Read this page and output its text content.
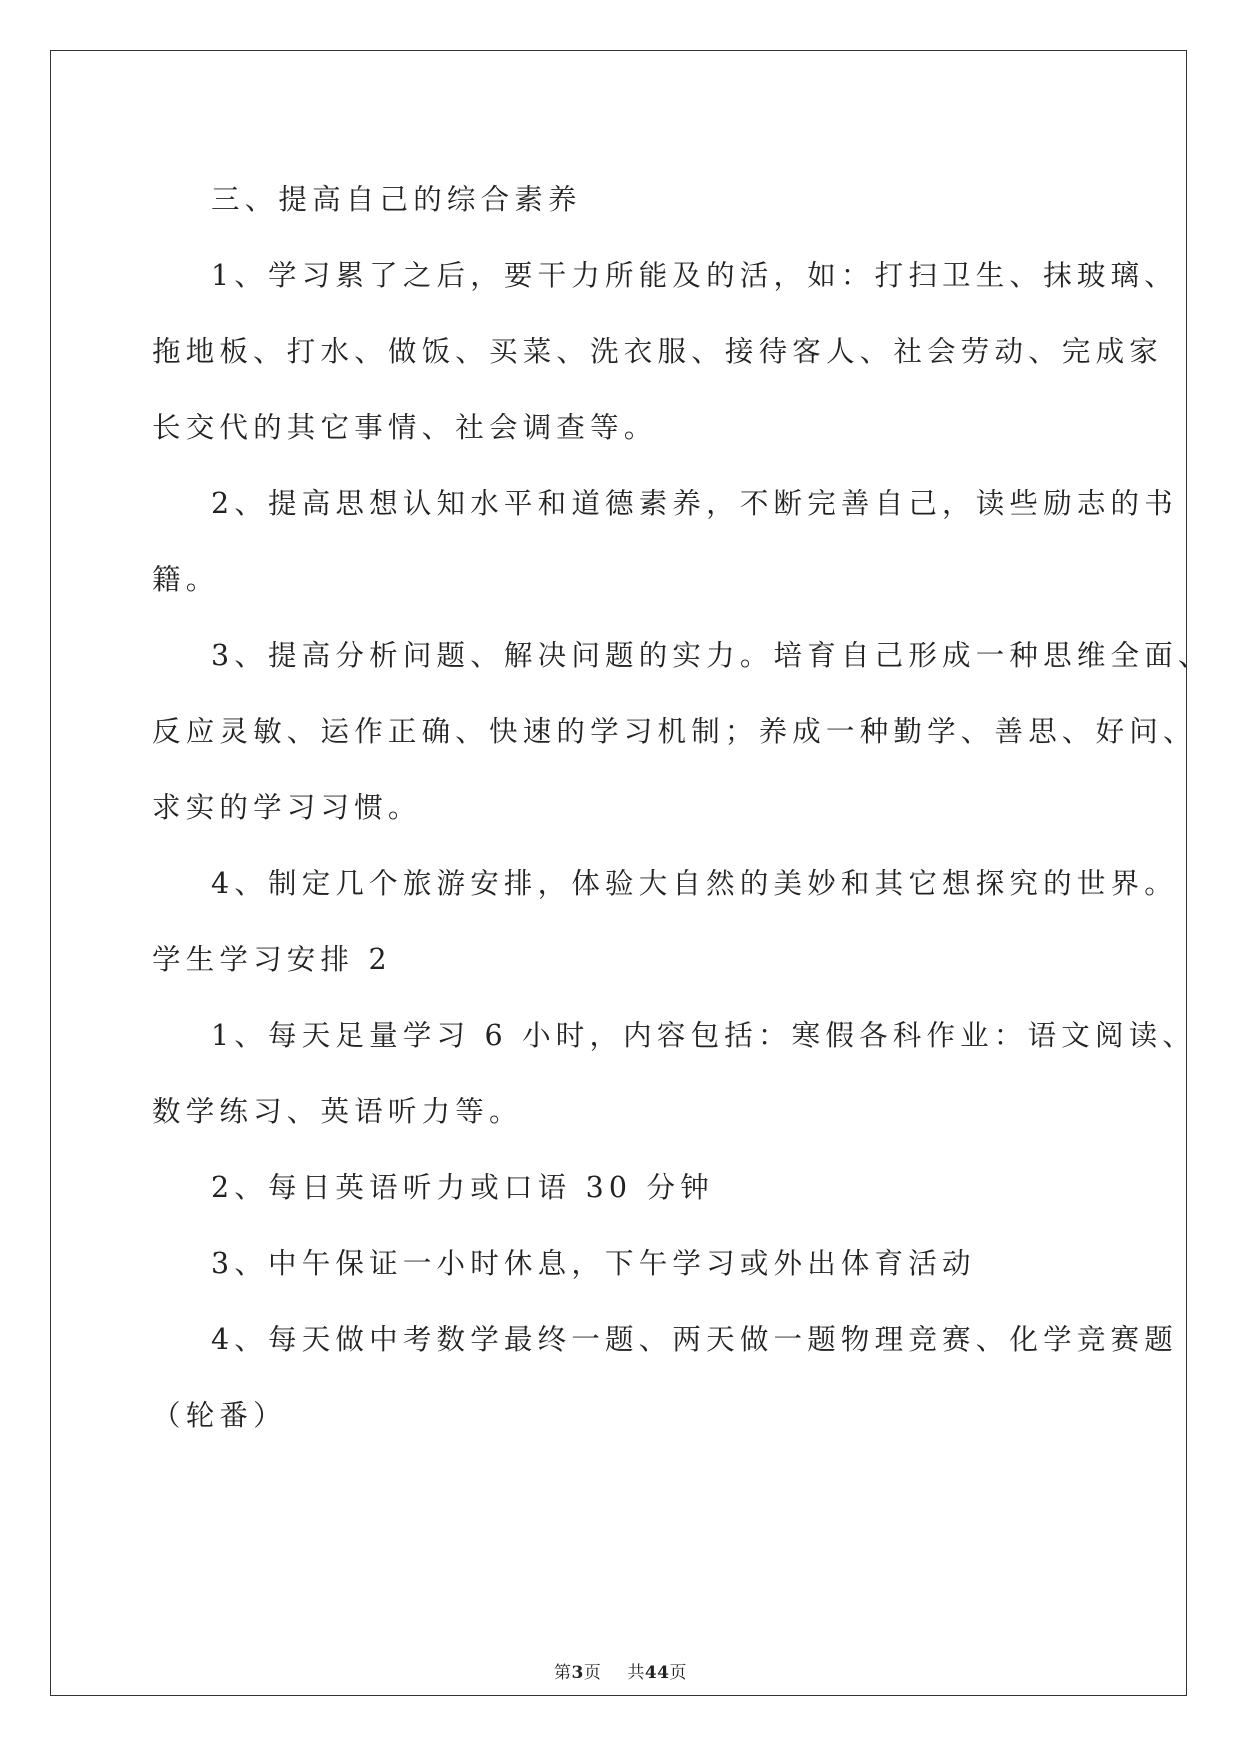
三、提高自己的综合素养

1、学习累了之后，要干力所能及的活，如：打扫卫生、抹玻璃、

拖地板、打水、做饭、买菜、洗衣服、接待客人、社会劳动、完成家

长交代的其它事情、社会调查等。

2、提高思想认知水平和道德素养，不断完善自己，读些励志的书

籍。

3、提高分析问题、解决问题的实力。培育自己形成一种思维全面、

反应灵敏、运作正确、快速的学习机制；养成一种勤学、善思、好问、

求实的学习习惯。

4、制定几个旅游安排，体验大自然的美妙和其它想探究的世界。

学生学习安排 2

1、每天足量学习 6 小时，内容包括：寒假各科作业：语文阅读、

数学练习、英语听力等。

2、每日英语听力或口语 30 分钟

3、中午保证一小时休息，下午学习或外出体育活动

4、每天做中考数学最终一题、两天做一题物理竞赛、化学竞赛题

（轮番）

第3页 共44页
